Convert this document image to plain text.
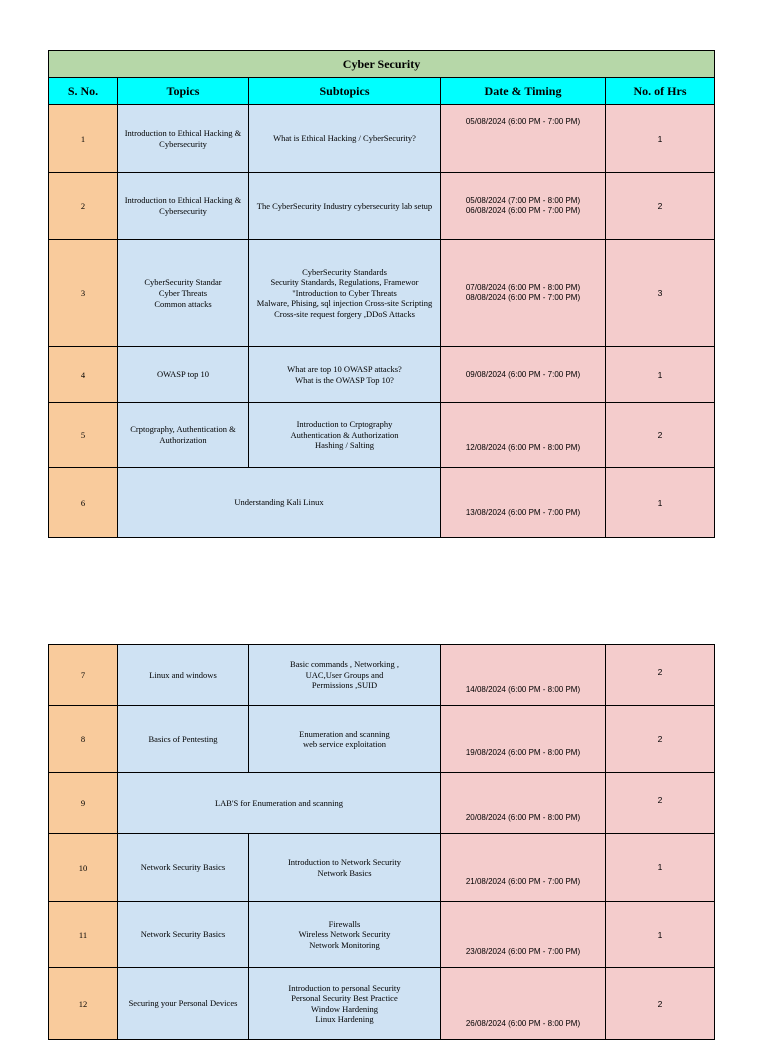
Cyber Security				
S. No.	Topics	Subtopics	Date & Timing	No. of Hrs
1	Introduction to Ethical Hacking & Cybersecurity	What is Ethical Hacking / CyberSecurity?	05/08/2024 (6:00 PM - 7:00 PM)	1
2	Introduction to Ethical Hacking & Cybersecurity	The CyberSecurity Industry cybersecurity lab setup	05/08/2024 (7:00 PM - 8:00 PM)
06/08/2024 (6:00 PM - 7:00 PM)	2
3	CyberSecurity Standar
Cyber Threats
Common attacks	CyberSecurity Standards
Security Standards, Regulations, Framewor
"Introduction to Cyber Threats
Malware, Phising, sql injection Cross-site Scripting Cross-site request forgery ,DDoS Attacks	07/08/2024 (6:00 PM - 8:00 PM)
08/08/2024 (6:00 PM - 7:00 PM)	3
4	OWASP top 10	What are top 10 OWASP attacks?
What is the OWASP Top 10?	09/08/2024 (6:00 PM - 7:00 PM)	1
5	Crptography, Authentication & Authorization	Introduction to Crptography
Authentication & Authorization
Hashing / Salting	12/08/2024 (6:00 PM - 8:00 PM)	2
6	Understanding Kali Linux		13/08/2024 (6:00 PM - 7:00 PM)	1
7	Linux and windows	Basic commands , Networking ,
UAC,User Groups and
Permissions ,SUID	14/08/2024 (6:00 PM - 8:00 PM)	2
8	Basics of Pentesting	Enumeration and scanning
web service exploitation	19/08/2024 (6:00 PM - 8:00 PM)	2
9	LAB'S for Enumeration and scanning		20/08/2024 (6:00 PM - 8:00 PM)	2
10	Network Security Basics	Introduction to Network Security
Network Basics	21/08/2024 (6:00 PM - 7:00 PM)	1
11	Network Security Basics	Firewalls
Wireless Network Security
Network Monitoring	23/08/2024 (6:00 PM - 7:00 PM)	1
12	Securing your Personal Devices	Introduction to personal Security
Personal Security Best Practice
Window Hardening
Linux Hardening	26/08/2024 (6:00 PM - 8:00 PM)	2
